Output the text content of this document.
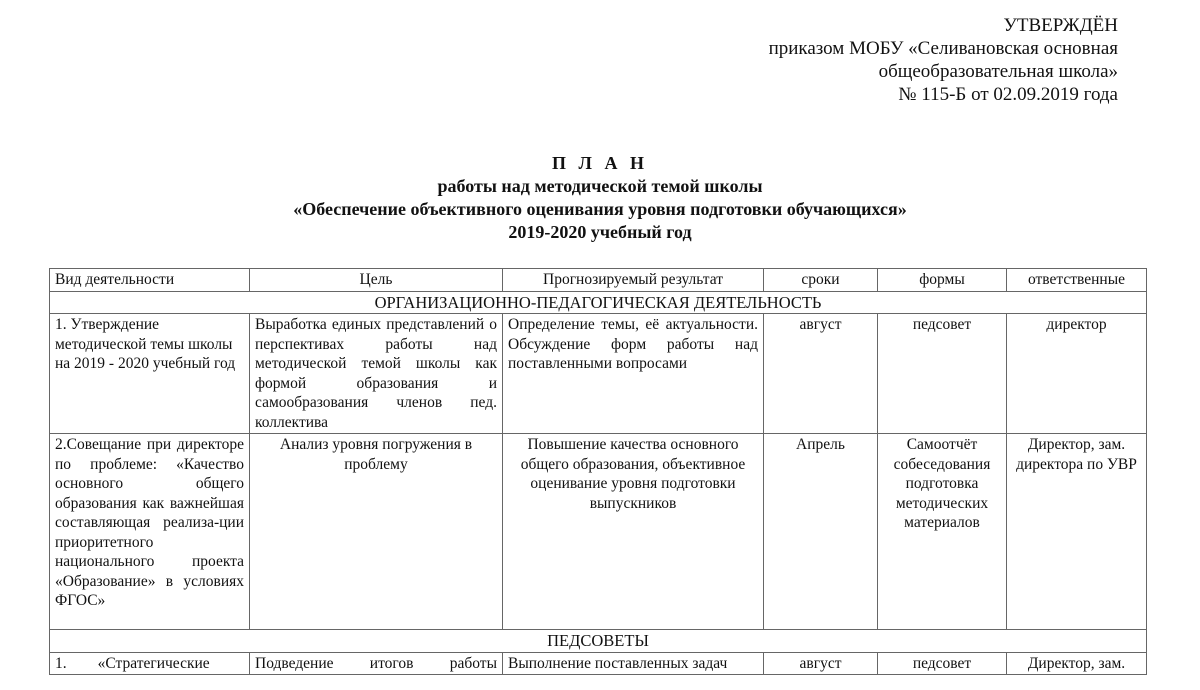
УТВЕРЖДЁН
приказом МОБУ «Селивановская основная
общеобразовательная школа»
№ 115-Б от 02.09.2019 года
П Л А Н
работы над методической темой школы
«Обеспечение объективного оценивания уровня подготовки обучающихся»
2019-2020 учебный год
Вид деятельности	Цель	Прогнозируемый результат	сроки	формы	ответственные
ОРГАНИЗАЦИОННО-ПЕДАГОГИЧЕСКАЯ ДЕЯТЕЛЬНОСТЬ					
1. Утверждение методической темы школы на 2019 - 2020 учебный год	Выработка единых представлений о перспективах работы над методической темой школы как формой образования и самообразования членов пед. коллектива	Определение темы, её актуальности. Обсуждение форм работы над поставленными вопросами	август	педсовет	директор
2.Совещание при директоре по проблеме: «Качество основного общего образования как важнейшая составляющая реализа-ции приоритетного национального проекта «Образование» в условиях ФГОС»	Анализ уровня погружения в проблему	Повышение качества основного общего образования, объективное оценивание уровня подготовки выпускников	Апрель	Самоотчёт собеседования подготовка методических материалов	Директор, зам. директора по УВР
ПЕДСОВЕТЫ					
1.        «Стратегические	Подведение итогов работы	Выполнение поставленных задач	август	педсовет	Директор, зам.
